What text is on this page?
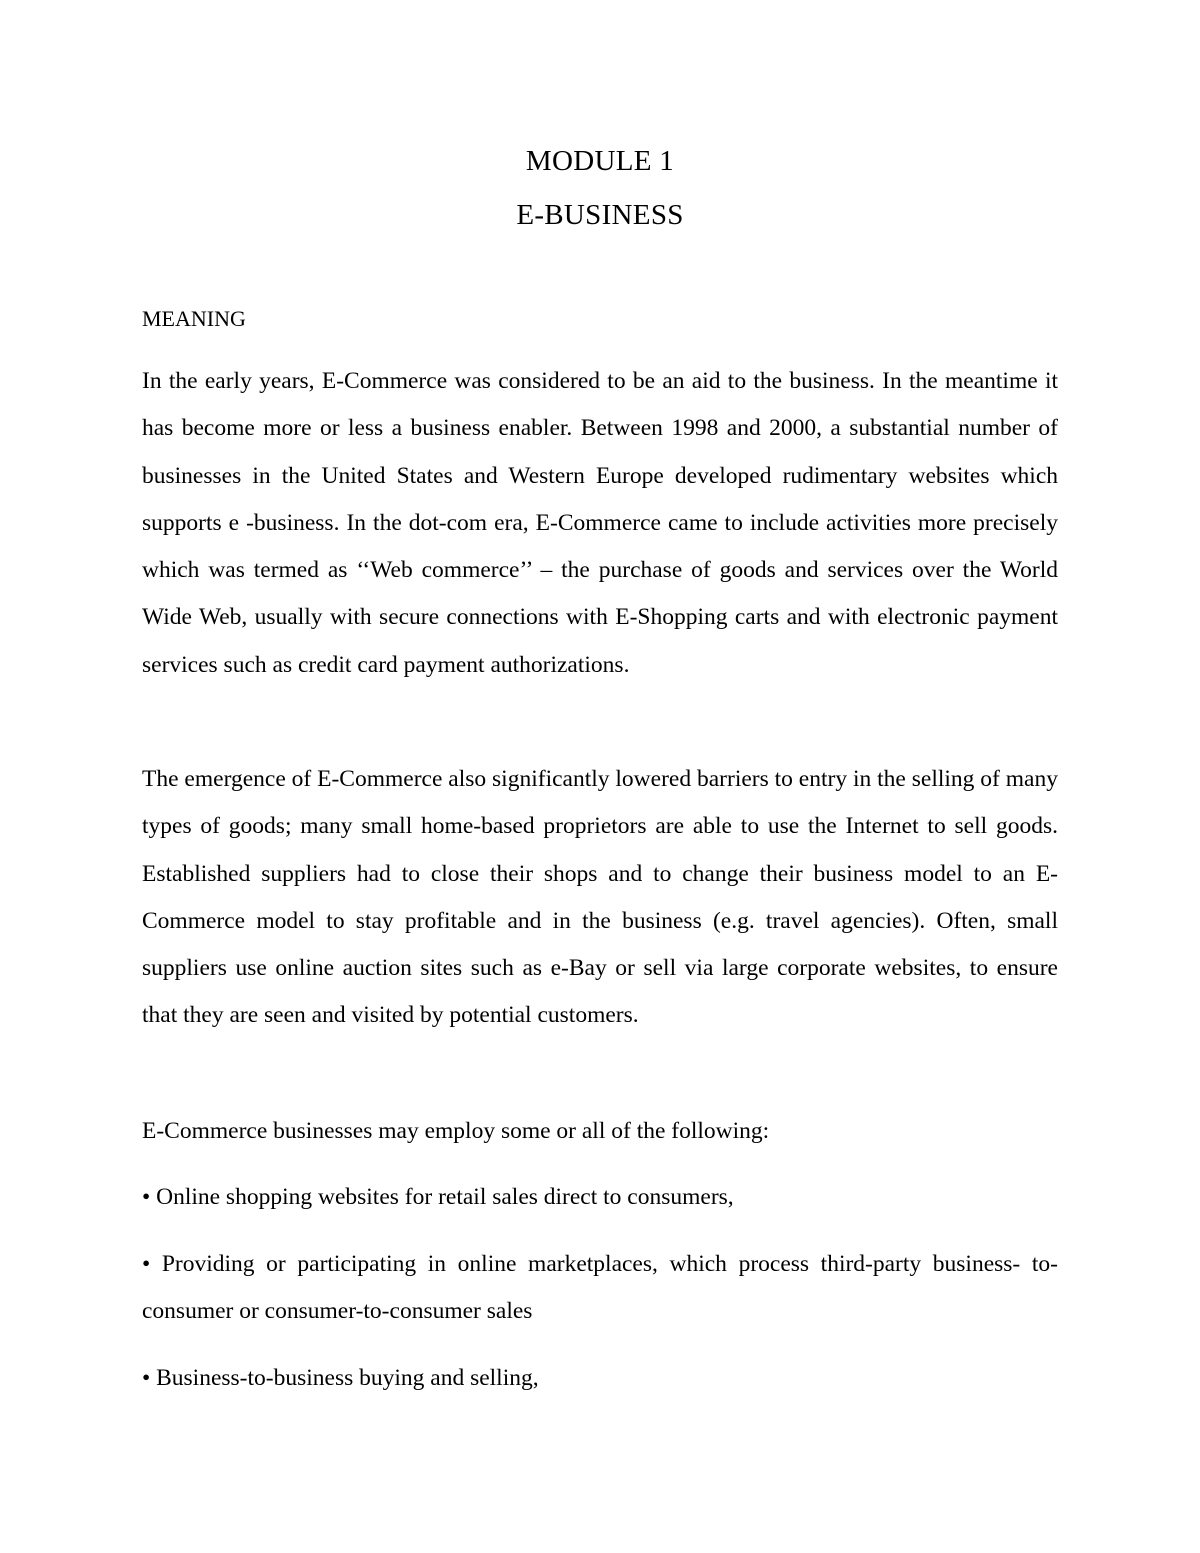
MODULE 1
E-BUSINESS
MEANING

In the early years, E-Commerce was considered to be an aid to the business. In the meantime it has become more or less a business enabler. Between 1998 and 2000, a substantial number of businesses in the United States and Western Europe developed rudimentary websites which supports e -business. In the dot-com era, E-Commerce came to include activities more precisely which was termed as ‘‘Web commerce’’ – the purchase of goods and services over the World Wide Web, usually with secure connections with E-Shopping carts and with electronic payment services such as credit card payment authorizations.

The emergence of E-Commerce also significantly lowered barriers to entry in the selling of many types of goods; many small home-based proprietors are able to use the Internet to sell goods. Established suppliers had to close their shops and to change their business model to an E-Commerce model to stay profitable and in the business (e.g. travel agencies). Often, small suppliers use online auction sites such as e-Bay or sell via large corporate websites, to ensure that they are seen and visited by potential customers.

E-Commerce businesses may employ some or all of the following:

• Online shopping websites for retail sales direct to consumers,

• Providing or participating in online marketplaces, which process third-party business- to-consumer or consumer-to-consumer sales

• Business-to-business buying and selling,
